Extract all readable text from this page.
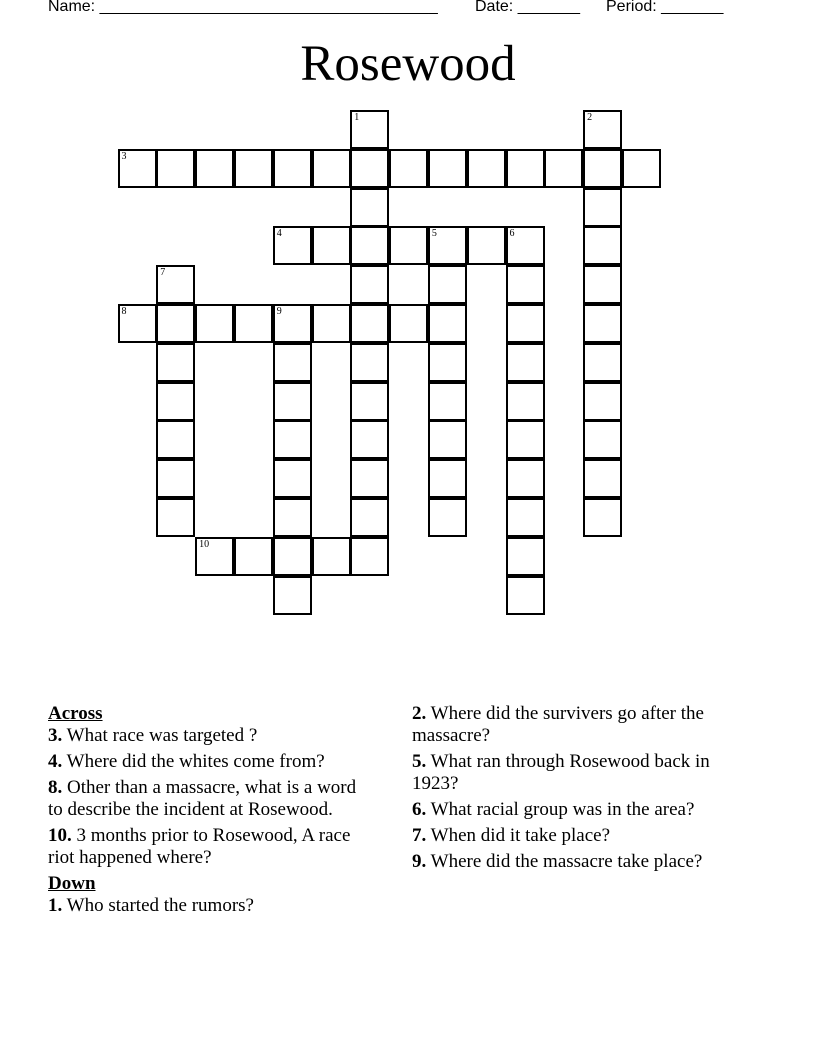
Name: ______________________________________

Date: _______

Period: _______

Rosewood
1	2
3
4	5	6
7
8	9
10
Across
3. What race was targeted ?
4. Where did the whites come from?
8. Other than a massacre, what is a word to describe the incident at Rosewood.
10. 3 months prior to Rosewood, A race riot happened where?
Down
1. Who started the rumors?
2. Where did the survivers go after the massacre?
5. What ran through Rosewood back in 1923?
6. What racial group was in the area?
7. When did it take place?
9. Where did the massacre take place?
